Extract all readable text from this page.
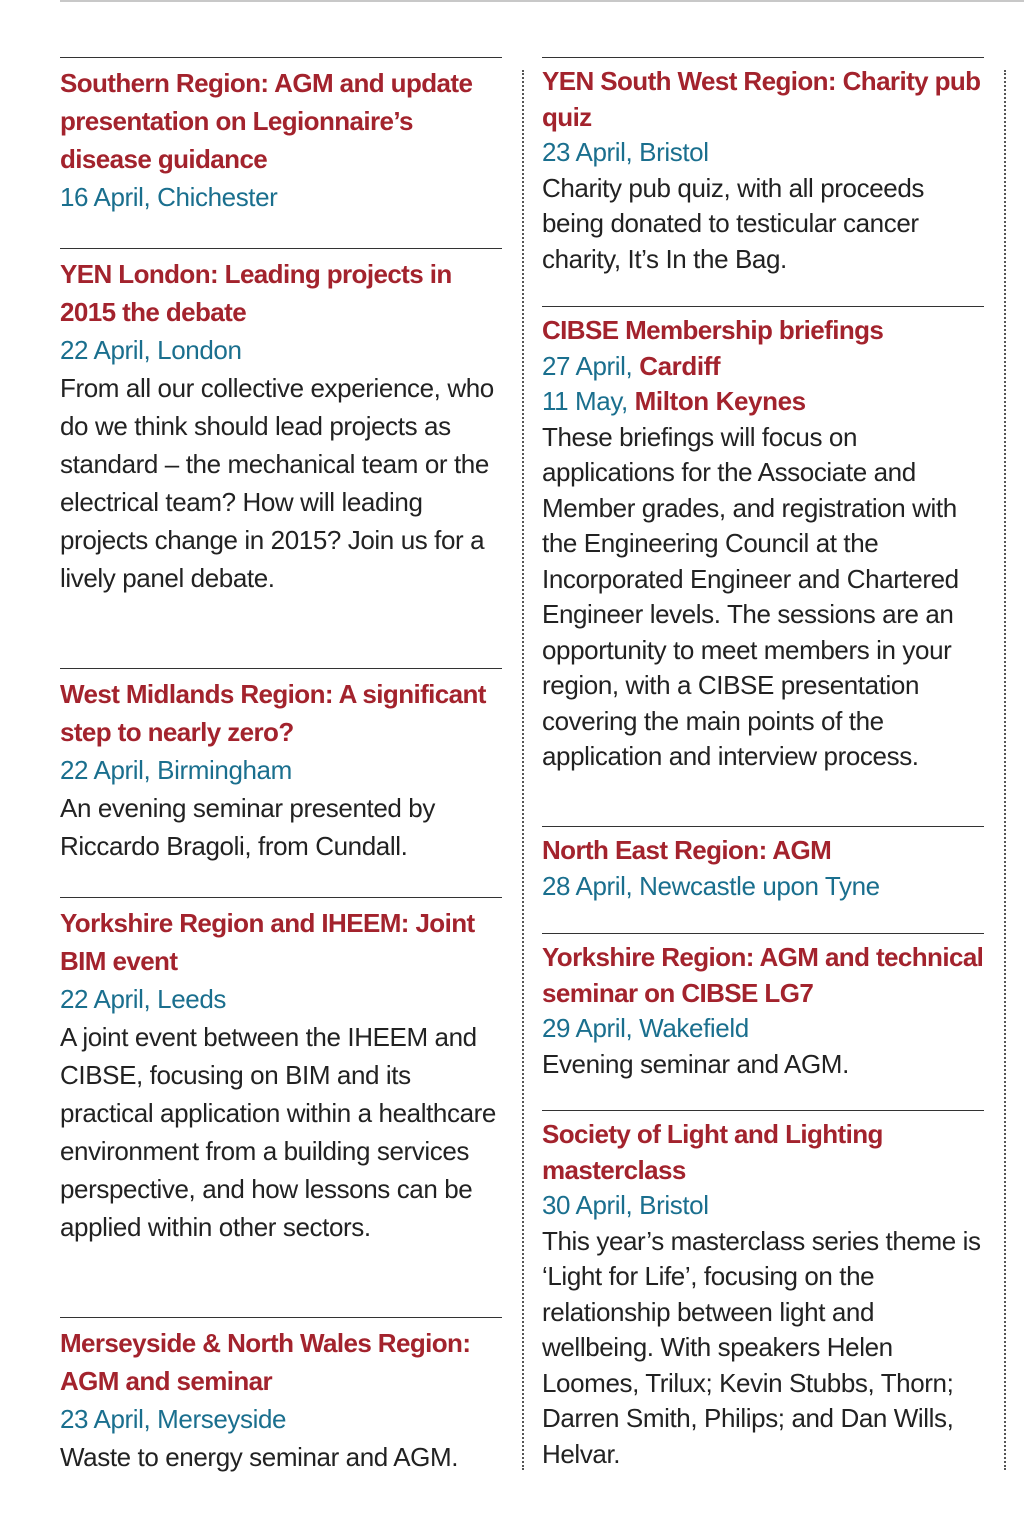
Southern Region: AGM and update presentation on Legionnaire’s disease guidance

16 April, Chichester

YEN London: Leading projects in 2015 the debate

22 April, London

From all our collective experience, who do we think should lead projects as standard – the mechanical team or the electrical team? How will leading projects change in 2015? Join us for a lively panel debate.

West Midlands Region: A significant step to nearly zero?

22 April, Birmingham

An evening seminar presented by Riccardo Bragoli, from Cundall.

Yorkshire Region and IHEEM: Joint BIM event

22 April, Leeds

A joint event between the IHEEM and CIBSE, focusing on BIM and its practical application within a healthcare environment from a building services perspective, and how lessons can be applied within other sectors.

Merseyside & North Wales Region: AGM and seminar

23 April, Merseyside

Waste to energy seminar and AGM.

YEN South West Region: Charity pub quiz

23 April, Bristol

Charity pub quiz, with all proceeds being donated to testicular cancer charity, It’s In the Bag.

CIBSE Membership briefings

27 April, Cardiff

11 May, Milton Keynes

These briefings will focus on applications for the Associate and Member grades, and registration with the Engineering Council at the Incorporated Engineer and Chartered Engineer levels. The sessions are an opportunity to meet members in your region, with a CIBSE presentation covering the main points of the application and interview process.

North East Region: AGM

28 April, Newcastle upon Tyne

Yorkshire Region: AGM and technical seminar on CIBSE LG7

29 April, Wakefield

Evening seminar and AGM.

Society of Light and Lighting masterclass

30 April, Bristol

This year’s masterclass series theme is ‘Light for Life’, focusing on the relationship between light and wellbeing. With speakers Helen Loomes, Trilux; Kevin Stubbs, Thorn; Darren Smith, Philips; and Dan Wills, Helvar.
